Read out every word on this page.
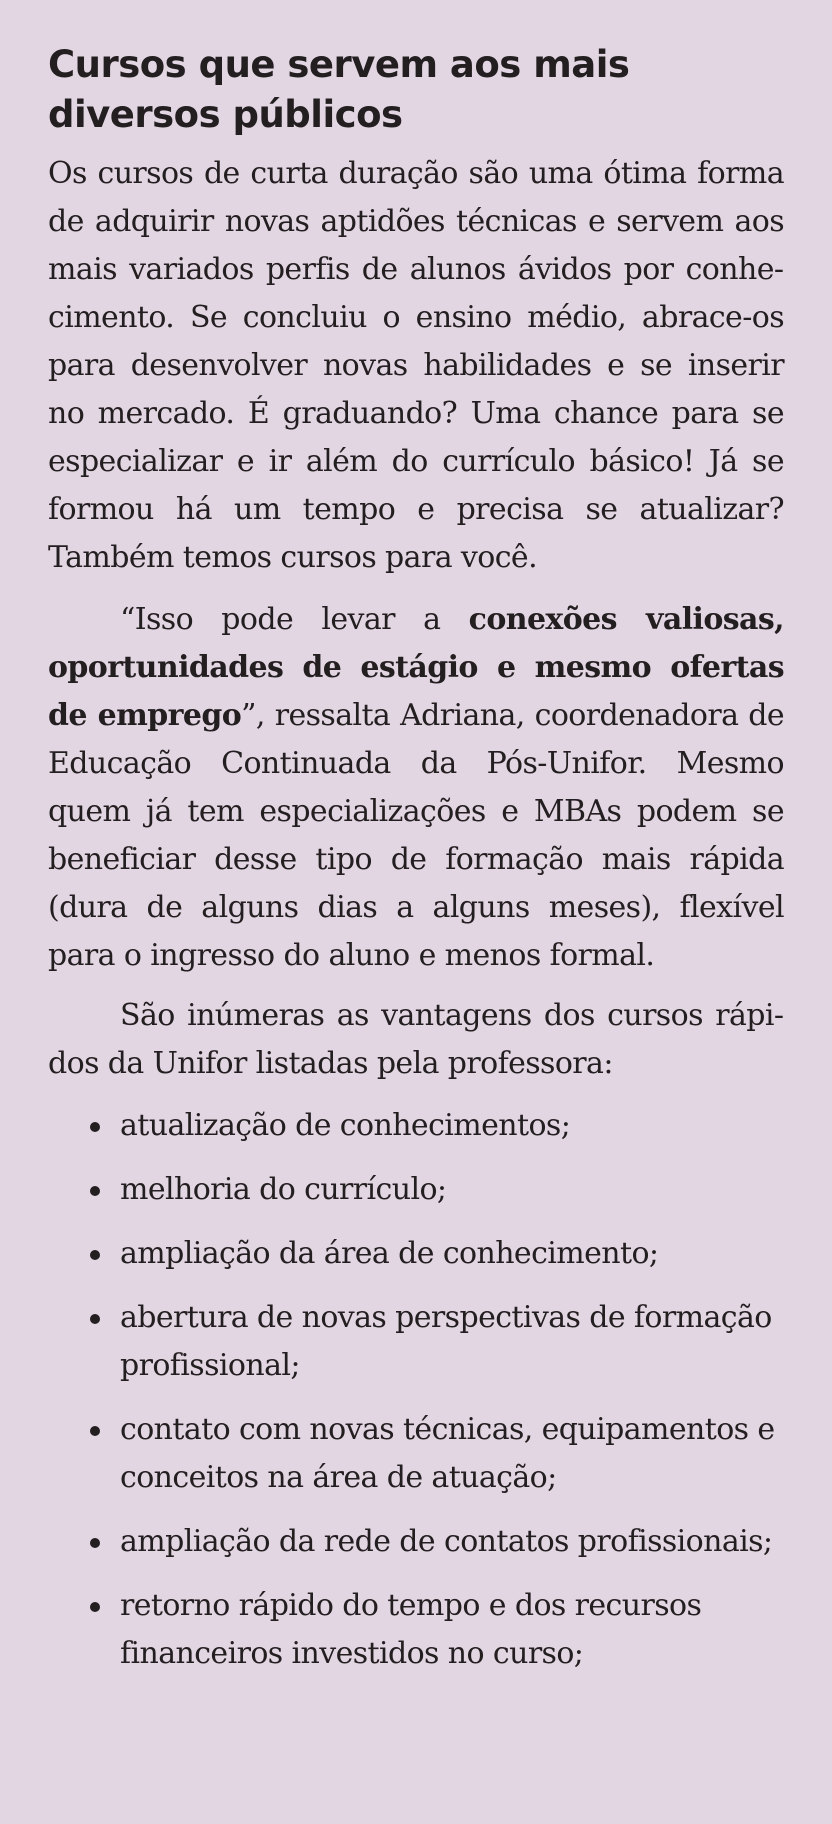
Cursos que servem aos mais diversos públicos

Os cursos de curta duração são uma ótima forma de adquirir novas aptidões técnicas e servem aos mais variados perfis de alunos ávidos por conhecimento. Se concluiu o ensino médio, abrace-os para desenvolver novas habilidades e se inserir no mercado. É graduando? Uma chance para se especializar e ir além do currículo básico! Já se formou há um tempo e precisa se atualizar? Também temos cursos para você.

“Isso pode levar a conexões valiosas, oportunidades de estágio e mesmo ofertas de emprego”, ressalta Adriana, coordenadora de Educação Continuada da Pós-Unifor. Mesmo quem já tem especializações e MBAs podem se beneficiar desse tipo de formação mais rápida (dura de alguns dias a alguns meses), flexível para o ingresso do aluno e menos formal.

São inúmeras as vantagens dos cursos rápidos da Unifor listadas pela professora:

atualização de conhecimentos;
melhoria do currículo;
ampliação da área de conhecimento;
abertura de novas perspectivas de formação profissional;
contato com novas técnicas, equipamentos e conceitos na área de atuação;
ampliação da rede de contatos profissionais;
retorno rápido do tempo e dos recursos financeiros investidos no curso;
